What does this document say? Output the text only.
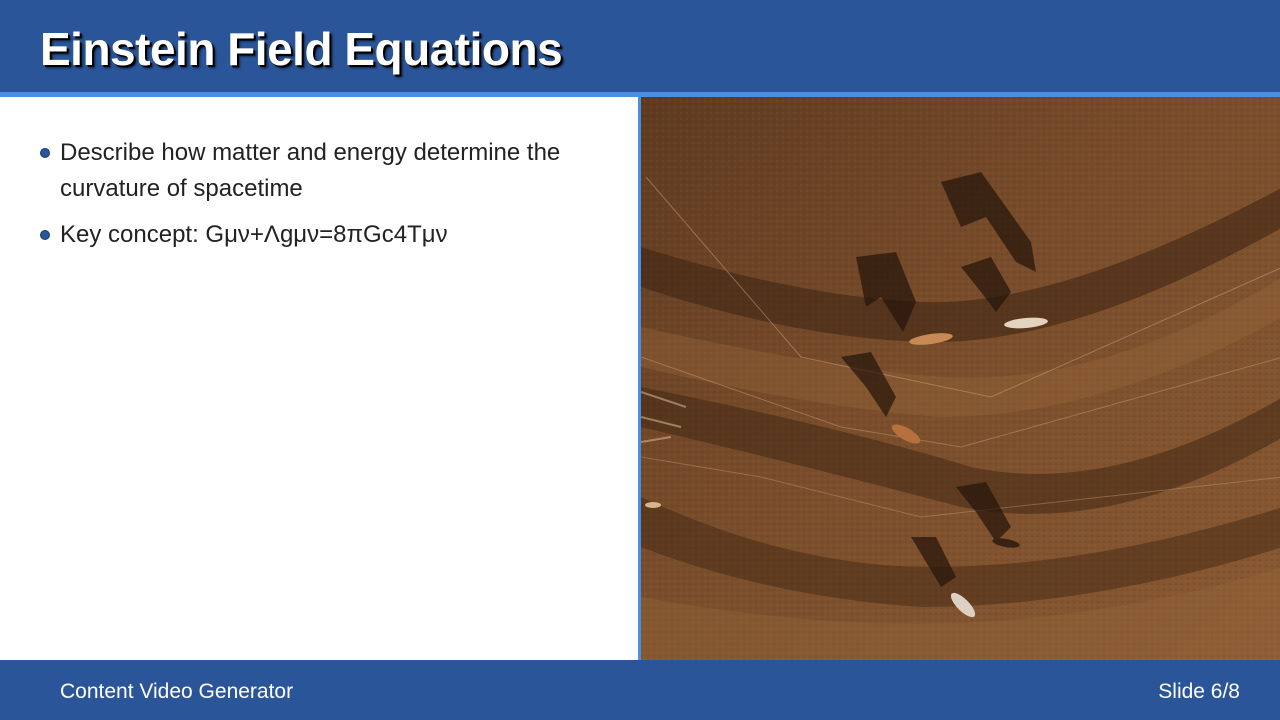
Einstein Field Equations
Describe how matter and energy determine the curvature of spacetime
Key concept: Gμν+Λgμν=8πGc4Tμν
Content Video Generator	Slide 6/8
